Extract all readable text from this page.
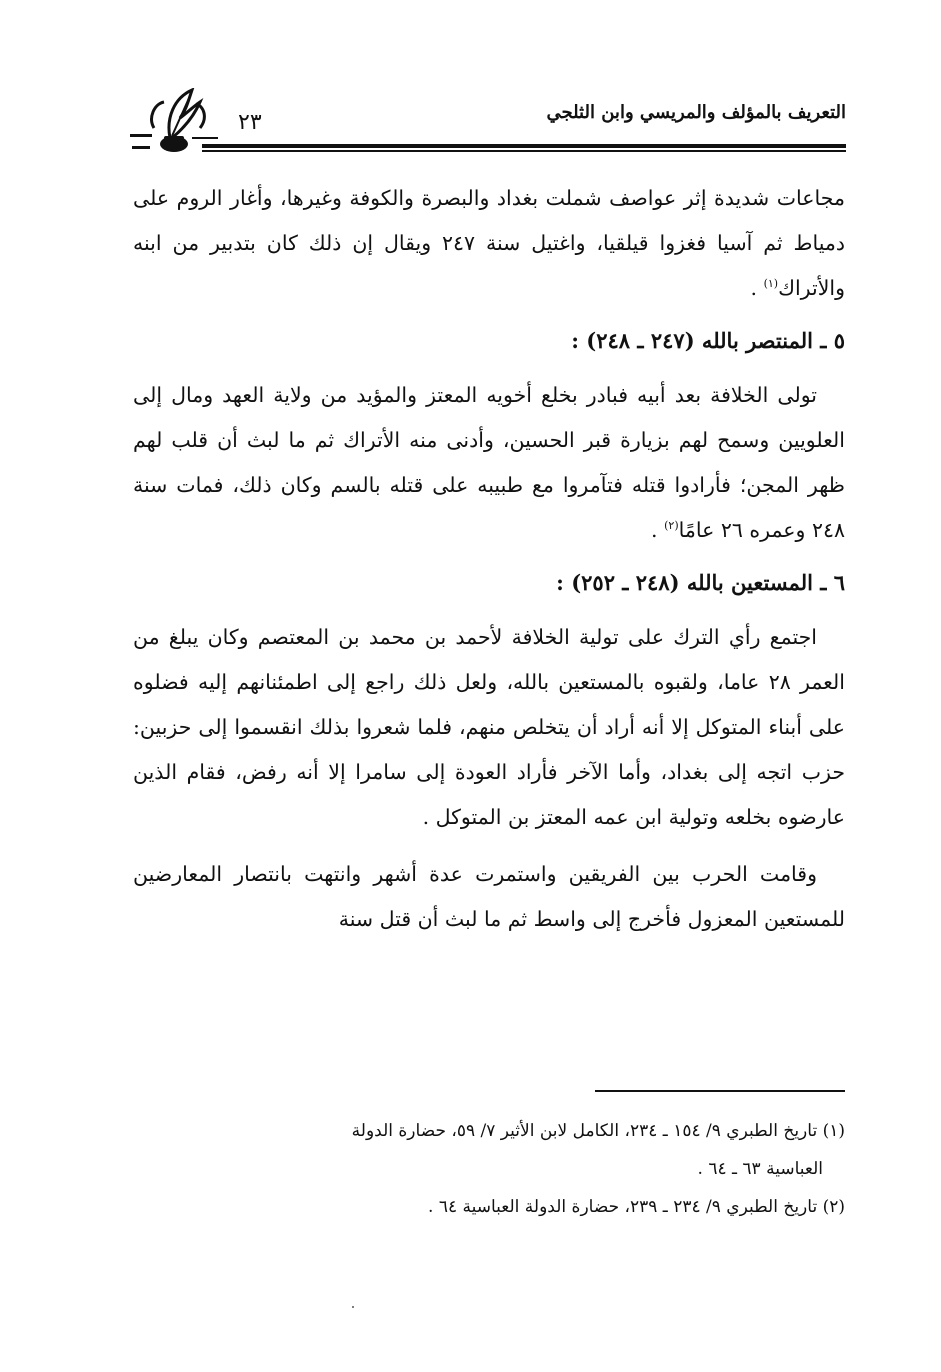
التعريف بالمؤلف والمريسي وابن الثلجي
٢٣

مجاعات شديدة إثر عواصف شملت بغداد والبصرة والكوفة وغيرها، وأغار الروم على دمياط ثم آسيا فغزوا قيلقيا، واغتيل سنة ٢٤٧ ويقال إن ذلك كان بتدبير من ابنه والأتراك$^{(١)}$ .

٥ ـ المنتصر بالله (٢٤٧ ـ ٢٤٨) :

تولى الخلافة بعد أبيه فبادر بخلع أخويه المعتز والمؤيد من ولاية العهد ومال إلى العلويين وسمح لهم بزيارة قبر الحسين، وأدنى منه الأتراك ثم ما لبث أن قلب لهم ظهر المجن؛ فأرادوا قتله فتآمروا مع طبيبه على قتله بالسم وكان ذلك، فمات سنة ٢٤٨ وعمره ٢٦ عامًا$^{(٢)}$ .

٦ ـ المستعين بالله (٢٤٨ ـ ٢٥٢) :

اجتمع رأي الترك على تولية الخلافة لأحمد بن محمد بن المعتصم وكان يبلغ من العمر ٢٨ عاما، ولقبوه بالمستعين بالله، ولعل ذلك راجع إلى اطمئنانهم إليه فضلوه على أبناء المتوكل إلا أنه أراد أن يتخلص منهم، فلما شعروا بذلك انقسموا إلى حزبين: حزب اتجه إلى بغداد، وأما الآخر فأراد العودة إلى سامرا إلا أنه رفض، فقام الذين عارضوه بخلعه وتولية ابن عمه المعتز بن المتوكل .

وقامت الحرب بين الفريقين واستمرت عدة أشهر وانتهت بانتصار المعارضين للمستعين المعزول فأخرج إلى واسط ثم ما لبث أن قتل سنة

(١) تاريخ الطبري ٩/ ١٥٤ ـ ٢٣٤، الكامل لابن الأثير ٧/ ٥٩، حضارة الدولة

العباسية ٦٣ ـ ٦٤ .

(٢) تاريخ الطبري ٩/ ٢٣٤ ـ ٢٣٩، حضارة الدولة العباسية ٦٤ .
